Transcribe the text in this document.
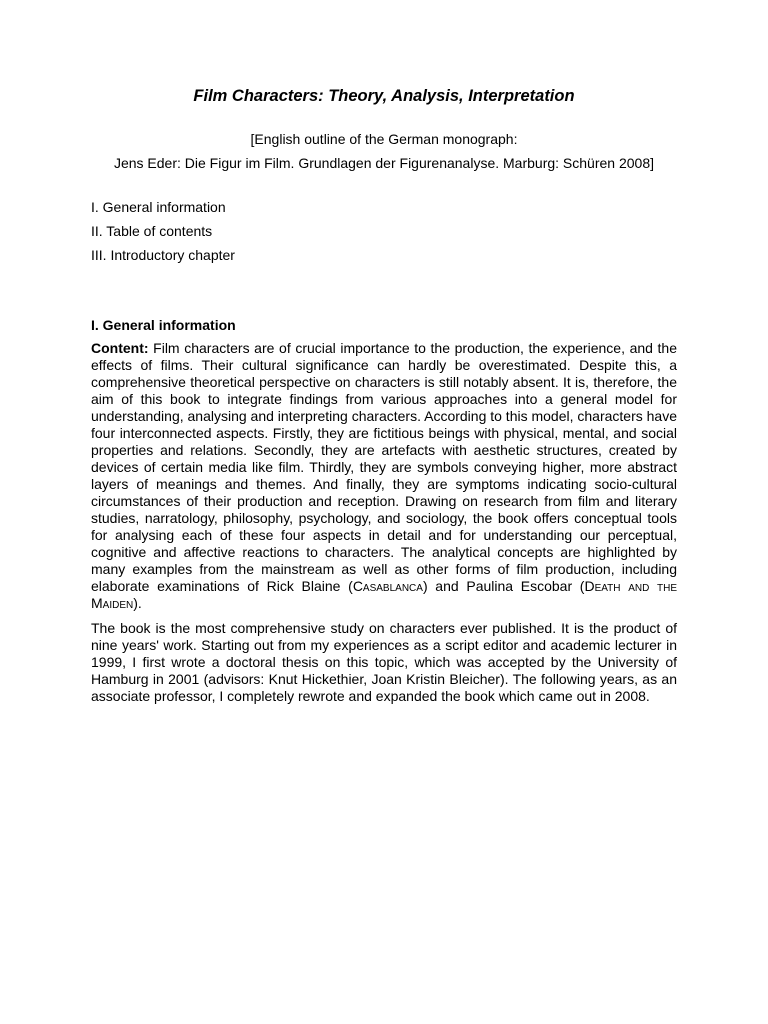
Film Characters: Theory, Analysis, Interpretation

[English outline of the German monograph:

Jens Eder: Die Figur im Film. Grundlagen der Figurenanalyse. Marburg: Schüren 2008]

I. General information
II. Table of contents
III. Introductory chapter
I. General information

Content: Film characters are of crucial importance to the production, the experience, and the effects of films. Their cultural significance can hardly be overestimated. Despite this, a comprehensive theoretical perspective on characters is still notably absent. It is, therefore, the aim of this book to integrate findings from various approaches into a general model for understanding, analysing and interpreting characters. According to this model, characters have four interconnected aspects. Firstly, they are fictitious beings with physical, mental, and social properties and relations. Secondly, they are artefacts with aesthetic structures, created by devices of certain media like film. Thirdly, they are symbols conveying higher, more abstract layers of meanings and themes. And finally, they are symptoms indicating socio-cultural circumstances of their production and reception. Drawing on research from film and literary studies, narratology, philosophy, psychology, and sociology, the book offers conceptual tools for analysing each of these four aspects in detail and for understanding our perceptual, cognitive and affective reactions to characters. The analytical concepts are highlighted by many examples from the mainstream as well as other forms of film production, including elaborate examinations of Rick Blaine (Casablanca) and Paulina Escobar (Death and the Maiden).

The book is the most comprehensive study on characters ever published. It is the product of nine years' work. Starting out from my experiences as a script editor and academic lecturer in 1999, I first wrote a doctoral thesis on this topic, which was accepted by the University of Hamburg in 2001 (advisors: Knut Hickethier, Joan Kristin Bleicher). The following years, as an associate professor, I completely rewrote and expanded the book which came out in 2008.
